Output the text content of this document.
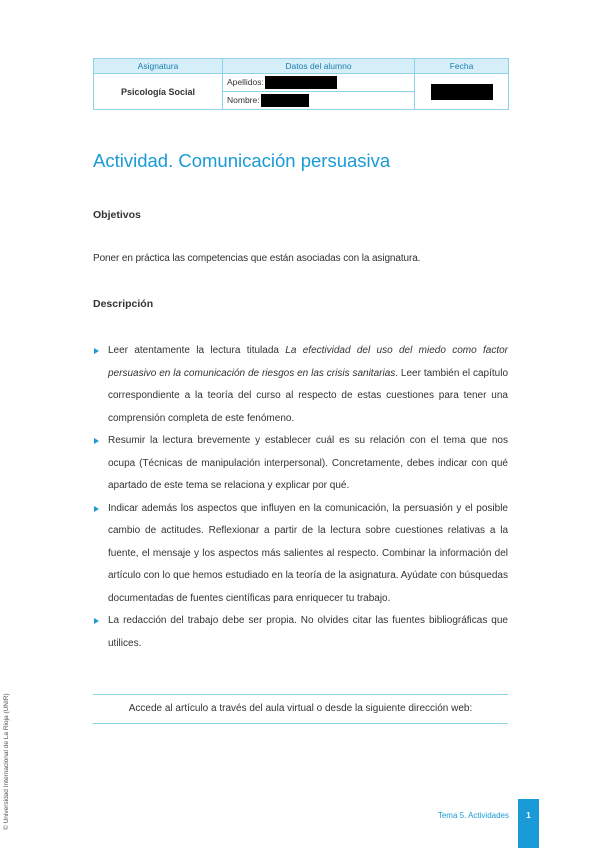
Asignatura	Datos del alumno	Fecha
Psicología Social	Apellidos:	

	Nombre:	
Actividad. Comunicación persuasiva
Objetivos

Poner en práctica las competencias que están asociadas con la asignatura.

Descripción
Leer atentamente la lectura titulada La efectividad del uso del miedo como factor persuasivo en la comunicación de riesgos en las crisis sanitarias. Leer también el capítulo correspondiente a la teoría del curso al respecto de estas cuestiones para tener una comprensión completa de este fenómeno.
Resumir la lectura brevemente y establecer cuál es su relación con el tema que nos ocupa (Técnicas de manipulación interpersonal). Concretamente, debes indicar con qué apartado de este tema se relaciona y explicar por qué.
Indicar además los aspectos que influyen en la comunicación, la persuasión y el posible cambio de actitudes. Reflexionar a partir de la lectura sobre cuestiones relativas a la fuente, el mensaje y los aspectos más salientes al respecto. Combinar la información del artículo con lo que hemos estudiado en la teoría de la asignatura. Ayúdate con búsquedas documentadas de fuentes científicas para enriquecer tu trabajo.
La redacción del trabajo debe ser propia. No olvides citar las fuentes bibliográficas que utilices.
Accede al artículo a través del aula virtual o desde la siguiente dirección web:
© Universidad Internacional de La Rioja (UNIR)	Tema 5. Actividades	1
